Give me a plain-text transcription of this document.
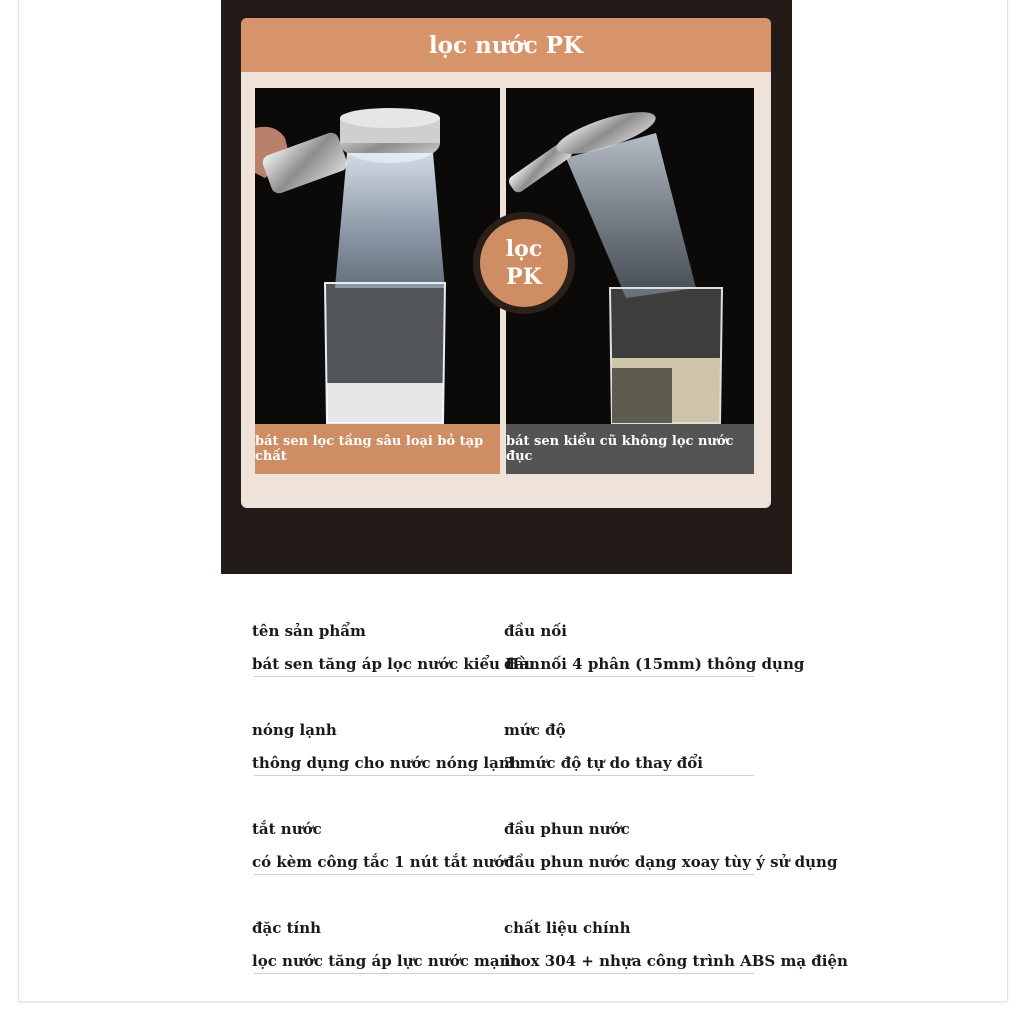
lọc nước PK
bát sen lọc tầng sâu loại bỏ tạp chất
bát sen kiểu cũ không lọc nước đục
lọc
PK
tên sản phẩm
bát sen tăng áp lọc nước kiểu Hàn
đầu nối
đầu nối 4 phân (15mm) thông dụng
nóng lạnh
thông dụng cho nước nóng lạnh
mức độ
3 mức độ tự do thay đổi
tắt nước
có kèm công tắc 1 nút tắt nước
đầu phun nước
đầu phun nước dạng xoay tùy ý sử dụng
đặc tính
lọc nước tăng áp lực nước mạnh
chất liệu chính
inox 304 + nhựa công trình ABS mạ điện
